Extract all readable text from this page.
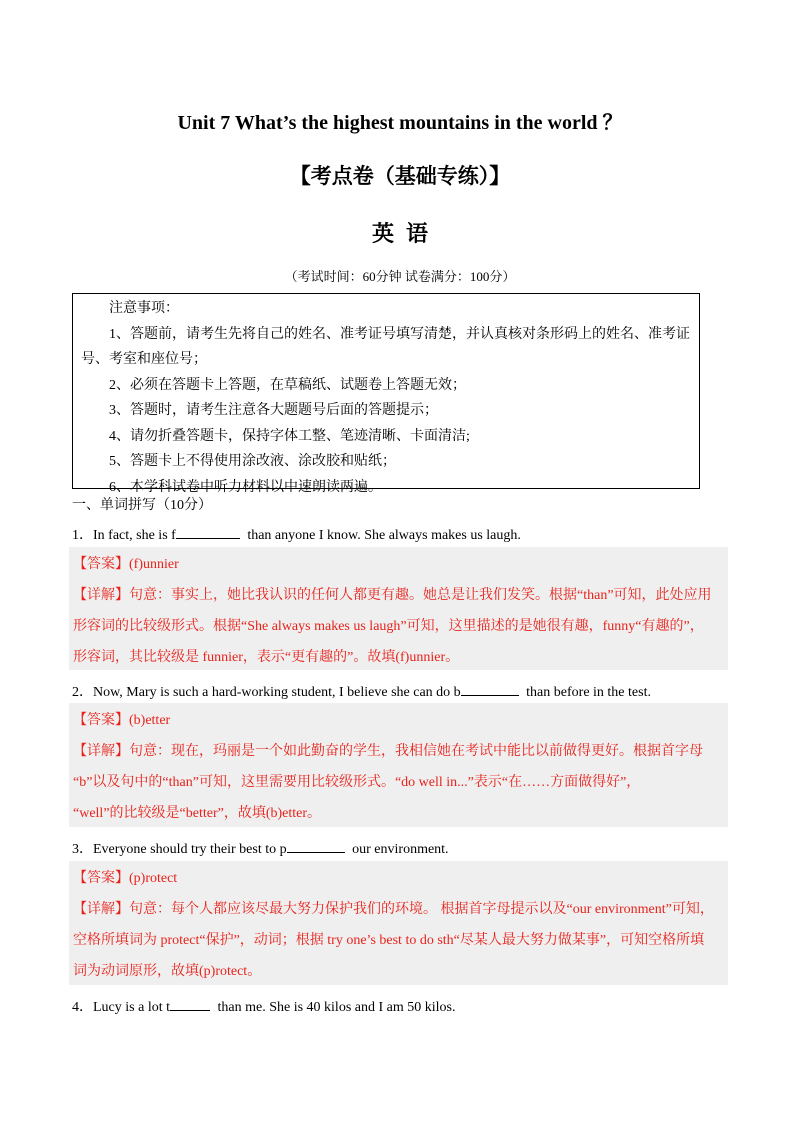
Unit 7 What’s the highest mountains in the world ？
【考点卷（基础专练）】
英语
（考试时间：60分钟 试卷满分：100分）
注意事项：
1、答题前，请考生先将自己的姓名、准考证号填写清楚，并认真核对条形码上的姓名、准考证号、考室和座位号；
2、必须在答题卡上答题，在草稿纸、试题卷上答题无效；
3、答题时，请考生注意各大题题号后面的答题提示；
4、请勿折叠答题卡，保持字体工整、笔迹清晰、卡面清洁;
5、答题卡上不得使用涂改液、涂改胶和贴纸；
6、本学科试卷中听力材料以中速朗读两遍。
一、单词拼写（10分）
1．In fact, she is f	than anyone I know. She always makes us laugh.
【答案】(f)unnier
【详解】句意：事实上，她比我认识的任何人都更有趣。她总是让我们发笑。根据“than”可知，此处应用
形容词的比较级形式。根据“She always makes us laugh”可知，这里描述的是她很有趣，funny“有趣的”，
形容词，其比较级是 funnier，表示“更有趣的”。故填(f)unnier。
2．Now, Mary is such a hard-working student, I believe she can do b	than before in the test.
【答案】(b)etter
【详解】句意：现在，玛丽是一个如此勤奋的学生，我相信她在考试中能比以前做得更好。根据首字母
“b”以及句中的“than”可知，这里需要用比较级形式。“do well in...”表示“在……方面做得好”，
“well”的比较级是“better”，故填(b)etter。
3．Everyone should try their best to p	our environment.
【答案】(p)rotect
【详解】句意：每个人都应该尽最大努力保护我们的环境。 根据首字母提示以及“our environment”可知，
空格所填词为 protect“保护”，动词；根据 try one’s best to do sth“尽某人最大努力做某事”，可知空格所填
词为动词原形，故填(p)rotect。
4．Lucy is a lot t	than me. She is 40 kilos and I am 50 kilos.
